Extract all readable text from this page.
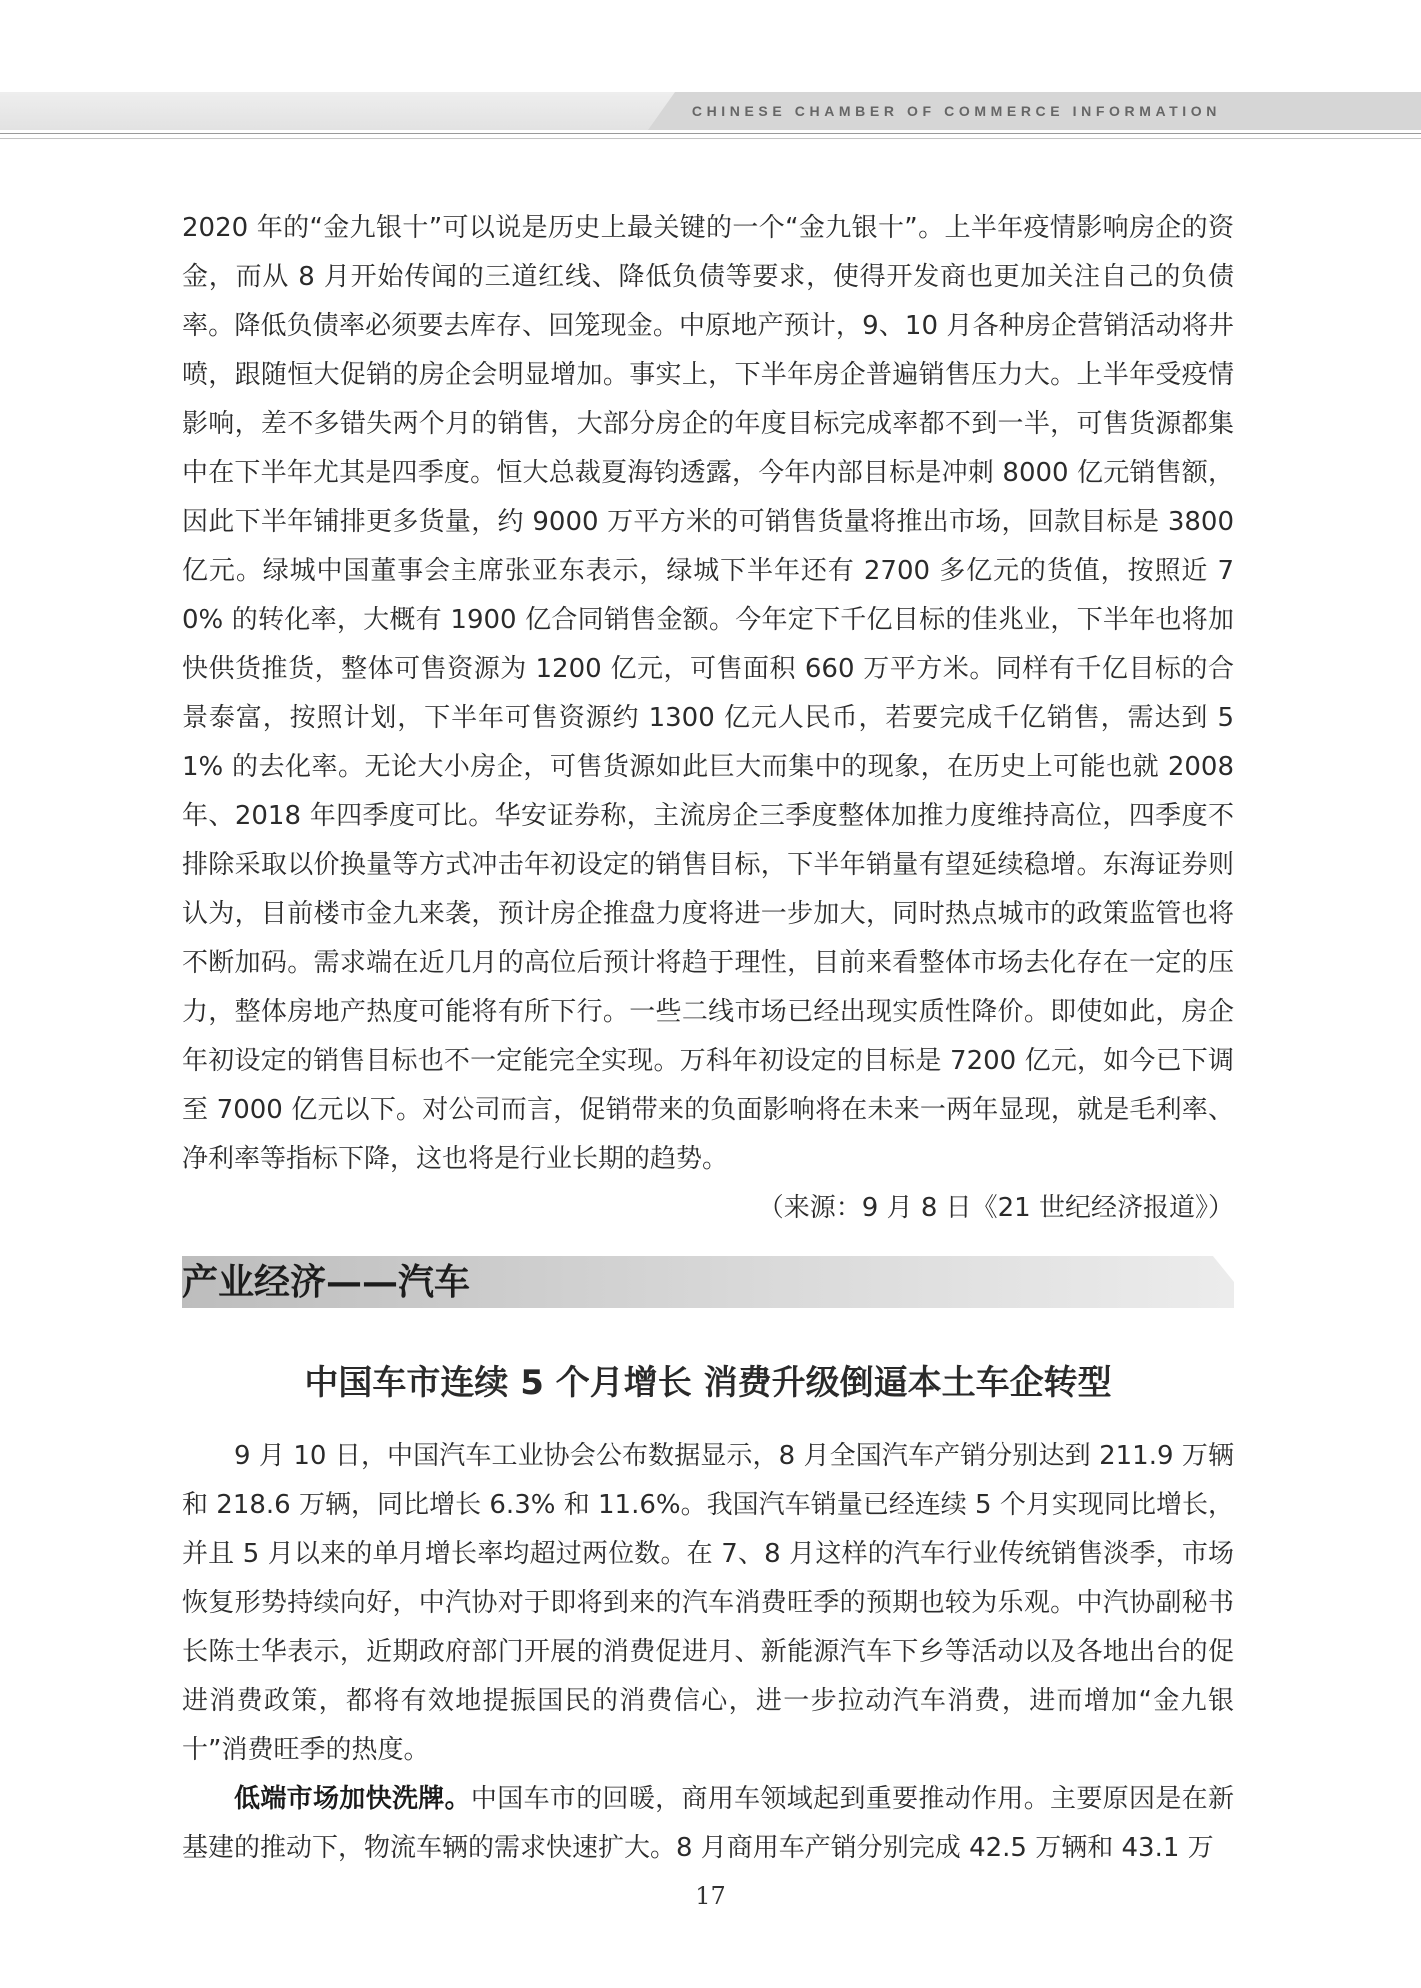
CHINESE CHAMBER OF COMMERCE INFORMATION
2020 年的“金九银十”可以说是历史上最关键的一个“金九银十”。上半年疫情影响房企的资金，而从 8 月开始传闻的三道红线、降低负债等要求，使得开发商也更加关注自己的负债率。降低负债率必须要去库存、回笼现金。中原地产预计，9、10 月各种房企营销活动将井喷，跟随恒大促销的房企会明显增加。事实上，下半年房企普遍销售压力大。上半年受疫情影响，差不多错失两个月的销售，大部分房企的年度目标完成率都不到一半，可售货源都集中在下半年尤其是四季度。恒大总裁夏海钧透露，今年内部目标是冲刺 8000 亿元销售额，因此下半年铺排更多货量，约 9000 万平方米的可销售货量将推出市场，回款目标是 3800 亿元。绿城中国董事会主席张亚东表示，绿城下半年还有 2700 多亿元的货值，按照近 70% 的转化率，大概有 1900 亿合同销售金额。今年定下千亿目标的佳兆业，下半年也将加快供货推货，整体可售资源为 1200 亿元，可售面积 660 万平方米。同样有千亿目标的合景泰富，按照计划，下半年可售资源约 1300 亿元人民币，若要完成千亿销售，需达到 51% 的去化率。无论大小房企，可售货源如此巨大而集中的现象，在历史上可能也就 2008 年、2018 年四季度可比。华安证券称，主流房企三季度整体加推力度维持高位，四季度不排除采取以价换量等方式冲击年初设定的销售目标，下半年销量有望延续稳增。东海证券则认为，目前楼市金九来袭，预计房企推盘力度将进一步加大，同时热点城市的政策监管也将不断加码。需求端在近几月的高位后预计将趋于理性，目前来看整体市场去化存在一定的压力，整体房地产热度可能将有所下行。一些二线市场已经出现实质性降价。即使如此，房企年初设定的销售目标也不一定能完全实现。万科年初设定的目标是 7200 亿元，如今已下调至 7000 亿元以下。对公司而言，促销带来的负面影响将在未来一两年显现，就是毛利率、净利率等指标下降，这也将是行业长期的趋势。
（来源：9 月 8 日《21 世纪经济报道》）
产业经济——汽车
中国车市连续 5 个月增长 消费升级倒逼本土车企转型
9 月 10 日，中国汽车工业协会公布数据显示，8 月全国汽车产销分别达到 211.9 万辆和 218.6 万辆，同比增长 6.3% 和 11.6%。我国汽车销量已经连续 5 个月实现同比增长，并且 5 月以来的单月增长率均超过两位数。在 7、8 月这样的汽车行业传统销售淡季，市场恢复形势持续向好，中汽协对于即将到来的汽车消费旺季的预期也较为乐观。中汽协副秘书长陈士华表示，近期政府部门开展的消费促进月、新能源汽车下乡等活动以及各地出台的促进消费政策，都将有效地提振国民的消费信心，进一步拉动汽车消费，进而增加“金九银十”消费旺季的热度。
低端市场加快洗牌。中国车市的回暖，商用车领域起到重要推动作用。主要原因是在新基建的推动下，物流车辆的需求快速扩大。8 月商用车产销分别完成 42.5 万辆和 43.1 万
17
